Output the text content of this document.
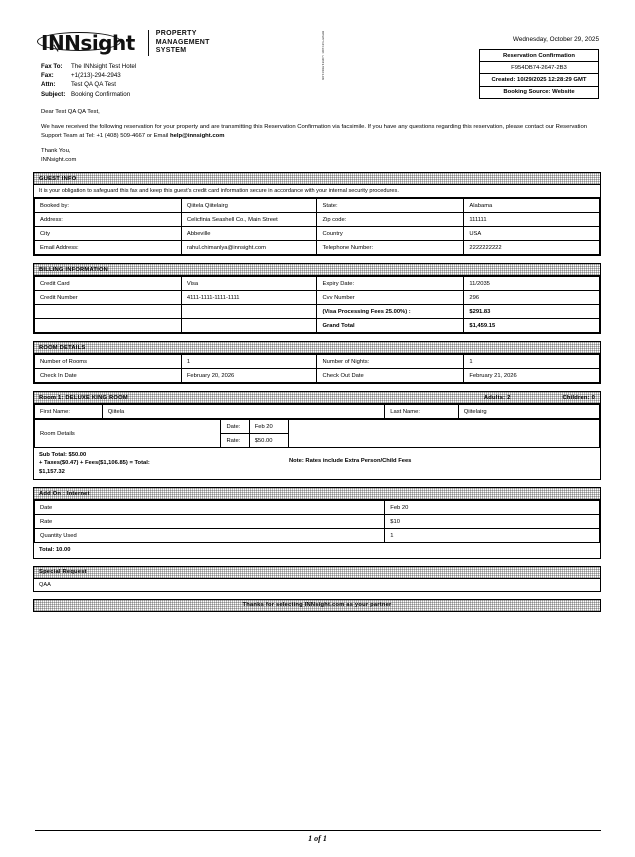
INNsight	PROPERTY
MANAGEMENT
SYSTEM	Reservation Confirmation	Wednesday, October 29, 2025
Reservation Confirmation
F954DB74-2647-2B3
Created: 10/29/2025 12:28:29 GMT
Booking Source: Website
Fax To:	The INNsight Test Hotel
Fax:	+1(213)-294-2943
Attn:	Test QA QA Test
Subject: Booking Confirmation
Dear Test QA QA Test,
We have received the following reservation for your property and are transmitting this Reservation Confirmation via facsimile. If you have any questions regarding this reservation, please contact our Reservation
Support Team at Tel: +1 (408) 509-4667 or Email help@innsight.com
Thank You,
INNsight.com
GUEST INFO
It is your obligation to safeguard this fax and keep this guest's credit card information secure in accordance with your internal security procedures.
Booked by:	Qiitela Qiitelairg	State:	Alabama
Address:	Celicfinia Seashell Co., Main Street	Zip code:	111111
City	Abbeville	Country	USA
Email Address:	rahul.chimanlya@innsight.com	Telephone Number:	2222222222
BILLING INFORMATION
Credit Card	Visa	Expiry Date:	11/2035
Credit Number	4111-1111-1111-1111	Cvv Number	296
		(Visa Processing Fees 25.00%) :	$291.83
		Grand Total	$1,459.15
ROOM DETAILS
Number of Rooms	1	Number of Nights:	1
Check In Date	February 20, 2026	Check Out Date	February 21, 2026
Room 1: DELUXE KING ROOM	Adults: 2	Children: 0
First Name:	Qiitela	Last Name:	Qiitelairg
Room Details	Date:	Feb 20	
	Rate:	$50.00	
Sub Total: $50.00
+ Taxes($0.47) + Fees($1,106.85) = Total:
$1,157.32
Note: Rates include Extra Person/Child Fees
Add On : Internet
Date	Feb 20
Rate	$10
Quantity Used	1
Total: 10.00
Special Request
QAA
Thanks for selecting INNsight.com as your partner
1 of 1
